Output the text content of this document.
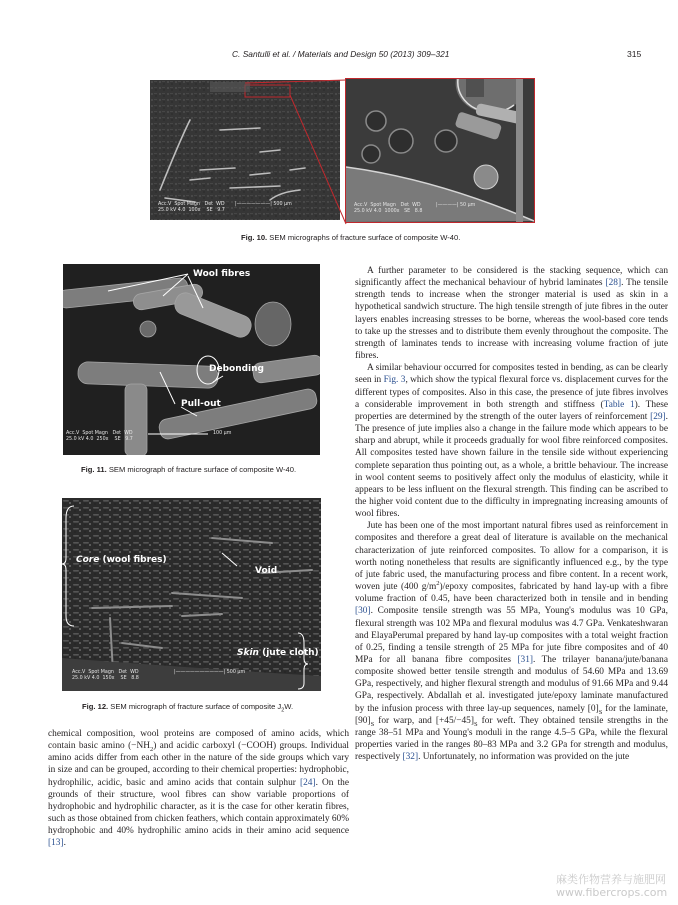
C. Santulli et al. / Materials and Design 50 (2013) 309–321	315
Acc.V  Spot Magn   Det  WD
25.0 kV 4.0  100x    SE   9.7
|———————| 500 μm	Acc.V  Spot Magn   Det  WD
25.0 kV 4.0  1000x   SE   8.8
|————| 50 μm
Fig. 10. SEM micrographs of fracture surface of composite W-40.
Wool fibres
Debonding
Pull-out
Acc.V  Spot Magn   Det  WD
25.0 kV 4.0  250x    SE   9.7
100 μm
Fig. 11. SEM micrograph of fracture surface of composite W-40.
Core (wool fibres)
Void
Skin (jute cloth)
Acc.V  Spot Magn   Det  WD
25.0 kV 4.0  150x    SE   8.8
|——————————| 500 μm
Fig. 12. SEM micrograph of fracture surface of composite $J_2W$.

chemical composition, wool proteins are composed of amino acids, which contain basic amino $(-NH_2)$ and acidic carboxyl (−COOH) groups. Individual amino acids differ from each other in the nature of the side groups which vary in size and can be grouped, according to their chemical properties: hydrophobic, hydrophilic, acidic, basic and amino acids that contain sulphur [24]. On the grounds of their structure, wool fibres can show variable proportions of hydrophobic and hydrophilic character, as it is the case for other keratin fibres, such as those obtained from chicken feathers, which contain approximately 60% hydrophobic and 40% hydrophilic amino acids in their amino acid sequence [13].

A further parameter to be considered is the stacking sequence, which can significantly affect the mechanical behaviour of hybrid laminates [28]. The tensile strength tends to increase when the stronger material is used as skin in a hypothetical sandwich structure. The high tensile strength of jute fibres in the outer layers enables increasing stresses to be borne, whereas the wool-based core tends to take up the stresses and to distribute them evenly throughout the composite. The strength of laminates tends to increase with increasing volume fraction of jute fibres.

A similar behaviour occurred for composites tested in bending, as can be clearly seen in Fig. 3, which show the typical flexural force vs. displacement curves for the different types of composites. Also in this case, the presence of jute fibres involves a considerable improvement in both strength and stiffness (Table 1). These properties are determined by the strength of the outer layers of reinforcement [29]. The presence of jute implies also a change in the failure mode which appears to be sharp and abrupt, while it proceeds gradually for wool fibre reinforced composites. All composites tested have shown failure in the tensile side without experiencing complete separation thus pointing out, as a whole, a brittle behaviour. The increase in wool content seems to positively affect only the modulus of elasticity, while it appears to be less influent on the flexural strength. This finding can be ascribed to the higher void content due to the difficulty in impregnating increasing amounts of wool fibres.

Jute has been one of the most important natural fibres used as reinforcement in composites and therefore a great deal of literature is available on the mechanical characterization of jute reinforced composites. To allow for a comparison, it is worth noting nonetheless that results are significantly influenced e.g., by the type of jute fabric used, the manufacturing process and fibre content. In a recent work, woven jute (400 $g/m^2$)/epoxy composites, fabricated by hand lay-up with a fibre volume fraction of 0.45, have been characterized both in tensile and in bending [30]. Composite tensile strength was 55 MPa, Young's modulus was 10 GPa, flexural strength was 102 MPa and flexural modulus was 4.7 GPa. Venkateshwaran and ElayaPerumal prepared by hand lay-up composites with a total weight fraction of 0.25, finding a tensile strength of 25 MPa for jute fibre composites and of 40 MPa for all banana fibre composites [31]. The trilayer banana/jute/banana composite showed better tensile strength and modulus of 54.60 MPa and 13.69 GPa, respectively, and higher flexural strength and modulus of 91.66 MPa and 9.44 GPa, respectively. Abdallah et al. investigated jute/epoxy laminate manufactured by the infusion process with three lay-up sequences, namely $[0]_S$ for the laminate, $[90]_S$ for warp, and $[+45/-45]_S$ for weft. They obtained tensile strengths in the range 38–51 MPa and Young's moduli in the range 4.5–5 GPa, while the flexural properties varied in the ranges 80–83 MPa and 3.2 GPa for strength and modulus, respectively [32]. Unfortunately, no information was provided on the jute

麻类作物营养与施肥网
www.fibercrops.com
